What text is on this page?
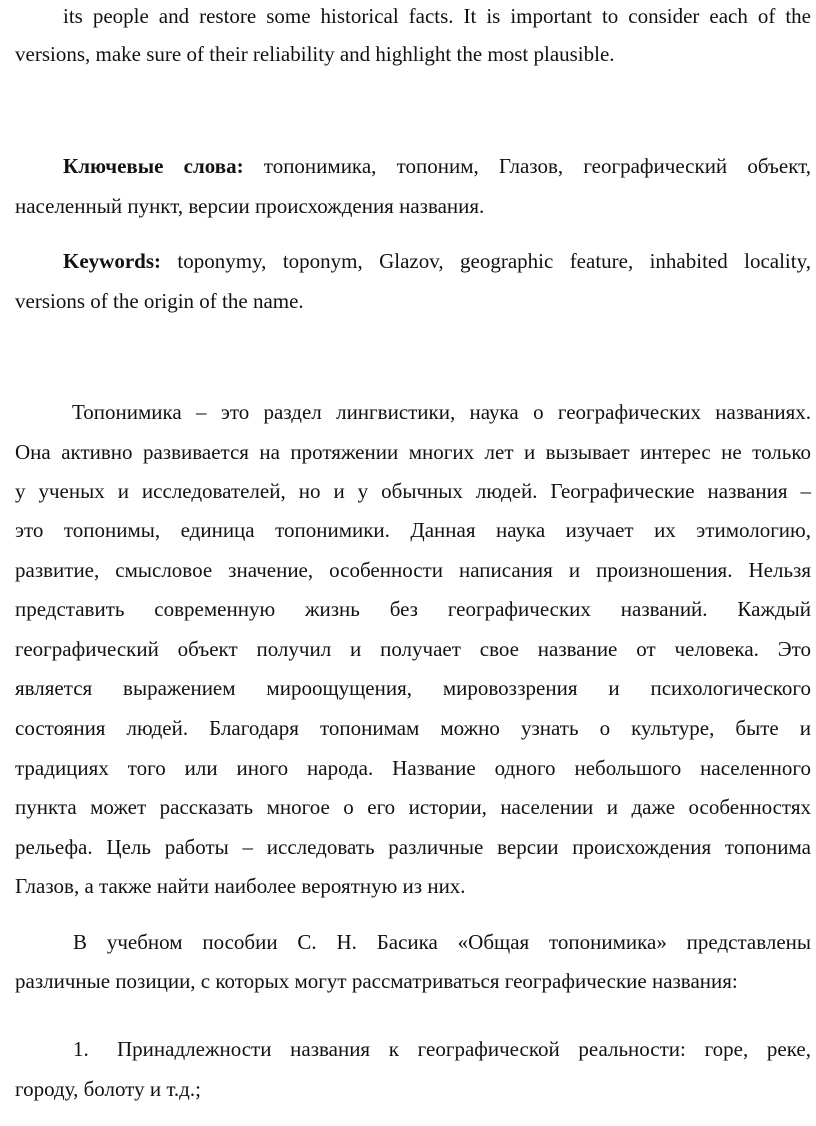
its people and restore some historical facts. It is important to consider each of the

versions, make sure of their reliability and highlight the most plausible.

Ключевые слова: топонимика, топоним, Глазов, географический объект,

населенный пункт, версии происхождения названия.

Keywords: toponymy, toponym, Glazov, geographic feature, inhabited locality,

versions of the origin of the name.

Топонимика – это раздел лингвистики, наука о географических названиях.

Она активно развивается на протяжении многих лет и вызывает интерес не только

у ученых и исследователей, но и у обычных людей. Географические названия –

это топонимы, единица топонимики. Данная наука изучает их этимологию,

развитие, смысловое значение, особенности написания и произношения. Нельзя

представить современную жизнь без географических названий. Каждый

географический объект получил и получает свое название от человека. Это

является выражением мироощущения, мировоззрения и психологического

состояния людей. Благодаря топонимам можно узнать о культуре, быте и

традициях того или иного народа. Название одного небольшого населенного

пункта может рассказать многое о его истории, населении и даже особенностях

рельефа. Цель работы – исследовать различные версии происхождения топонима

Глазов, а также найти наиболее вероятную из них.

В учебном пособии С. Н. Басика «Общая топонимика» представлены

различные позиции, с которых могут рассматриваться географические названия:

1. Принадлежности названия к географической реальности: горе, реке,

городу, болоту и т.д.;
